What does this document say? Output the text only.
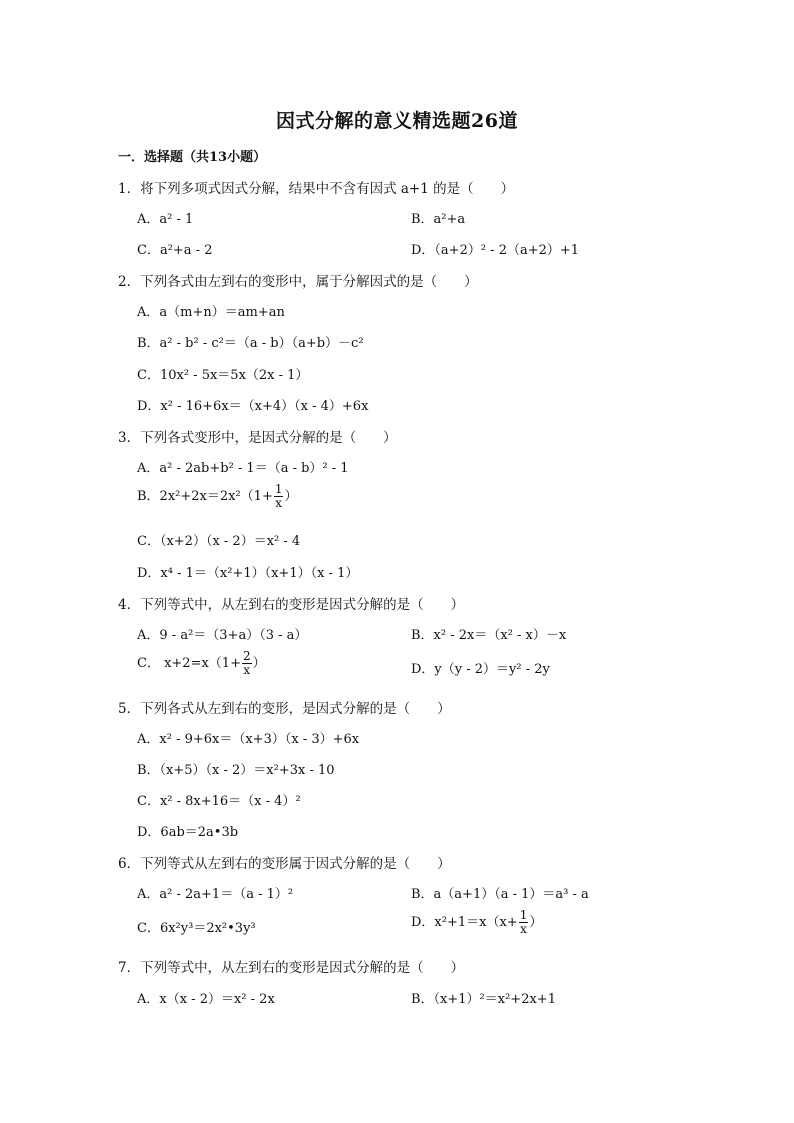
因式分解的意义精选题26道
一．选择题（共13小题）
1．将下列多项式因式分解，结果中不含有因式 a+1 的是（　　）
A．a² - 1	B．a²+a
C．a²+a - 2	D．（a+2）² - 2（a+2）+1
2．下列各式由左到右的变形中，属于分解因式的是（　　）
A．a（m+n）＝am+an
B．a² - b² - c²＝（a - b）（a+b）－c²
C．10x² - 5x＝5x（2x - 1）
D．x² - 16+6x＝（x+4）（x - 4）+6x
3．下列各式变形中，是因式分解的是（　　）
A．a² - 2ab+b² - 1＝（a - b）² - 1
B．$2x^2+2x=2x^2(1+ \frac{1}{x}$ ）
C．（x+2）（x - 2）＝x² - 4
D．x⁴ - 1＝（x²+1）（x+1）（x - 1）
4．下列等式中，从左到右的变形是因式分解的是（　　）
A．9 - a²＝（3+a）（3 - a）	B．x² - 2x＝（x² - x）－x
C． $x+2=x(1+ \frac{2}{x}$ ）	D．y（y - 2）＝y² - 2y
5．下列各式从左到右的变形，是因式分解的是（　　）
A．x² - 9+6x＝（x+3）（x - 3）+6x
B．（x+5）（x - 2）＝x²+3x - 10
C．x² - 8x+16＝（x - 4）²
D．6ab＝2a•3b
6．下列等式从左到右的变形属于因式分解的是（　　）
A．a² - 2a+1＝（a - 1）²	B．a（a+1）（a - 1）＝a³ - a
C．6x²y³＝2x²•3y³	D．$x^2+1=x(x+ \frac{1}{x}$ ）
7．下列等式中，从左到右的变形是因式分解的是（　　）
A．x（x - 2）＝x² - 2x	B．（x+1）²＝x²+2x+1
